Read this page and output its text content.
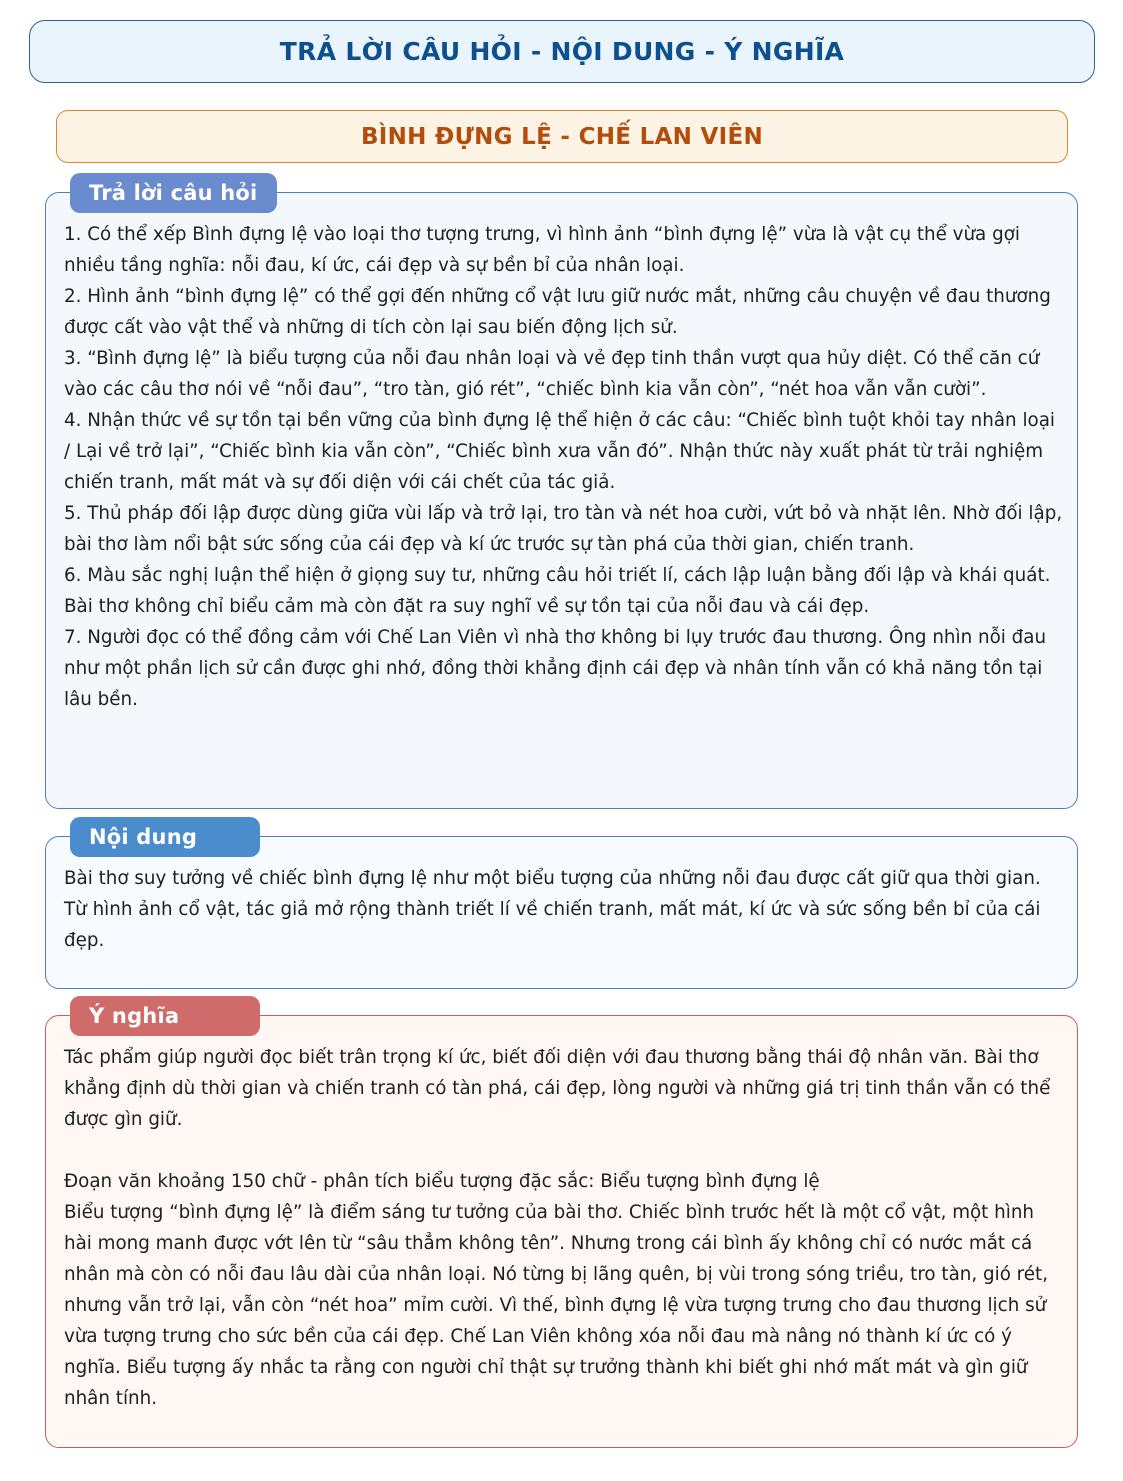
TRẢ LỜI CÂU HỎI - NỘI DUNG - Ý NGHĨA
BÌNH ĐỰNG LỆ - CHẾ LAN VIÊN
Trả lời câu hỏi

1. Có thể xếp Bình đựng lệ vào loại thơ tượng trưng, vì hình ảnh “bình đựng lệ” vừa là vật cụ thể vừa gợi nhiều tầng nghĩa: nỗi đau, kí ức, cái đẹp và sự bền bỉ của nhân loại.

2. Hình ảnh “bình đựng lệ” có thể gợi đến những cổ vật lưu giữ nước mắt, những câu chuyện về đau thương được cất vào vật thể và những di tích còn lại sau biến động lịch sử.

3. “Bình đựng lệ” là biểu tượng của nỗi đau nhân loại và vẻ đẹp tinh thần vượt qua hủy diệt. Có thể căn cứ vào các câu thơ nói về “nỗi đau”, “tro tàn, gió rét”, “chiếc bình kia vẫn còn”, “nét hoa vẫn vẫn cười”.

4. Nhận thức về sự tồn tại bền vững của bình đựng lệ thể hiện ở các câu: “Chiếc bình tuột khỏi tay nhân loại / Lại về trở lại”, “Chiếc bình kia vẫn còn”, “Chiếc bình xưa vẫn đó”. Nhận thức này xuất phát từ trải nghiệm chiến tranh, mất mát và sự đối diện với cái chết của tác giả.

5. Thủ pháp đối lập được dùng giữa vùi lấp và trở lại, tro tàn và nét hoa cười, vứt bỏ và nhặt lên. Nhờ đối lập, bài thơ làm nổi bật sức sống của cái đẹp và kí ức trước sự tàn phá của thời gian, chiến tranh.

6. Màu sắc nghị luận thể hiện ở giọng suy tư, những câu hỏi triết lí, cách lập luận bằng đối lập và khái quát. Bài thơ không chỉ biểu cảm mà còn đặt ra suy nghĩ về sự tồn tại của nỗi đau và cái đẹp.

7. Người đọc có thể đồng cảm với Chế Lan Viên vì nhà thơ không bi lụy trước đau thương. Ông nhìn nỗi đau như một phần lịch sử cần được ghi nhớ, đồng thời khẳng định cái đẹp và nhân tính vẫn có khả năng tồn tại lâu bền.

Nội dung

Bài thơ suy tưởng về chiếc bình đựng lệ như một biểu tượng của những nỗi đau được cất giữ qua thời gian. Từ hình ảnh cổ vật, tác giả mở rộng thành triết lí về chiến tranh, mất mát, kí ức và sức sống bền bỉ của cái đẹp.

Ý nghĩa

Tác phẩm giúp người đọc biết trân trọng kí ức, biết đối diện với đau thương bằng thái độ nhân văn. Bài thơ khẳng định dù thời gian và chiến tranh có tàn phá, cái đẹp, lòng người và những giá trị tinh thần vẫn có thể được gìn giữ.

Đoạn văn khoảng 150 chữ - phân tích biểu tượng đặc sắc: Biểu tượng bình đựng lệ

Biểu tượng “bình đựng lệ” là điểm sáng tư tưởng của bài thơ. Chiếc bình trước hết là một cổ vật, một hình hài mong manh được vớt lên từ “sâu thẳm không tên”. Nhưng trong cái bình ấy không chỉ có nước mắt cá nhân mà còn có nỗi đau lâu dài của nhân loại. Nó từng bị lãng quên, bị vùi trong sóng triều, tro tàn, gió rét, nhưng vẫn trở lại, vẫn còn “nét hoa” mỉm cười. Vì thế, bình đựng lệ vừa tượng trưng cho đau thương lịch sử vừa tượng trưng cho sức bền của cái đẹp. Chế Lan Viên không xóa nỗi đau mà nâng nó thành kí ức có ý nghĩa. Biểu tượng ấy nhắc ta rằng con người chỉ thật sự trưởng thành khi biết ghi nhớ mất mát và gìn giữ nhân tính.
